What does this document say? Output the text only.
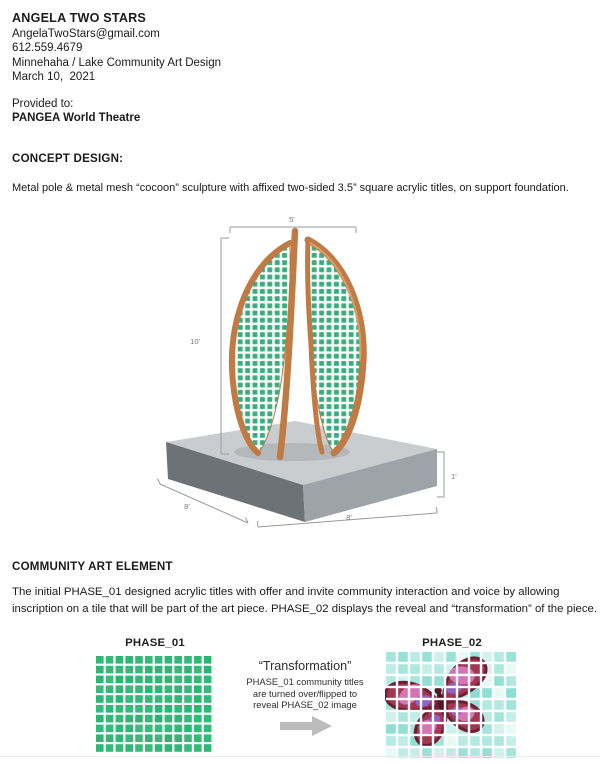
ANGELA TWO STARS
AngelaTwoStars@gmail.com
612.559.4679
Minnehaha / Lake Community Art Design
March 10,  2021
Provided to:
PANGEA World Theatre
CONCEPT DESIGN:
Metal pole & metal mesh “cocoon” sculpture with affixed two-sided 3.5” square acrylic titles, on support foundation.
5'
10'
1'
8'
8'
COMMUNITY ART ELEMENT
The initial PHASE_01 designed acrylic titles with offer and invite community interaction and voice by allowing inscription on a tile that will be part of the art piece. PHASE_02 displays the reveal and “transformation” of the piece.
PHASE_01
“Transformation”
PHASE_01 community titles
are turned over/flipped to
reveal PHASE_02 image
PHASE_02
